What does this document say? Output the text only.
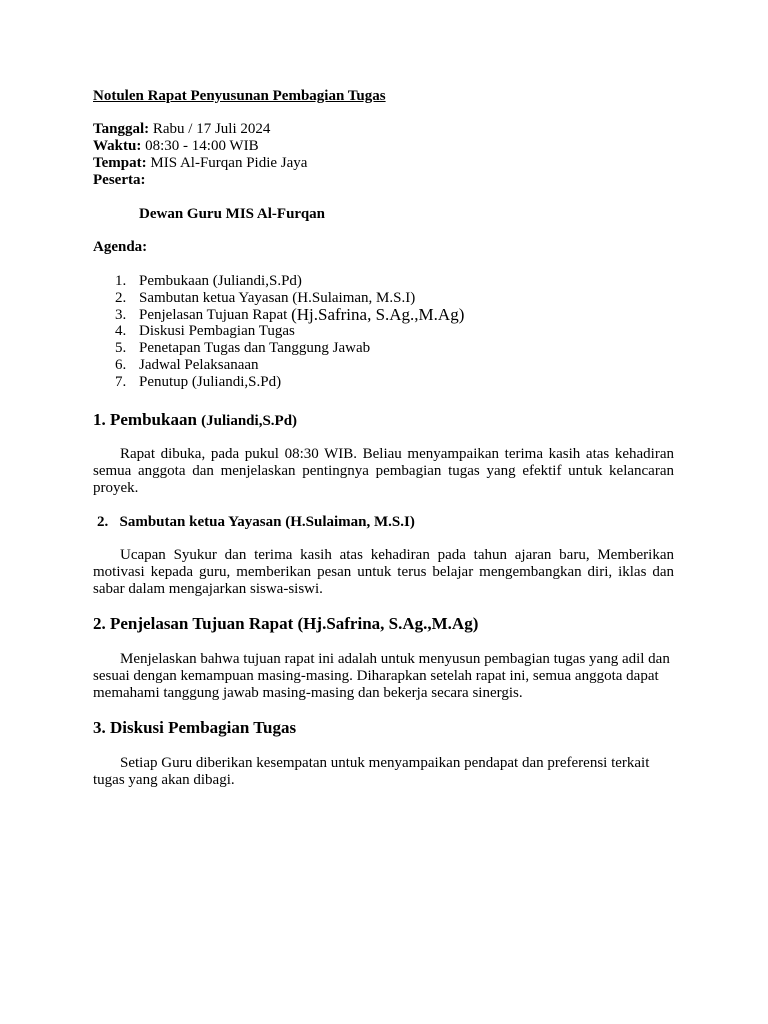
Notulen Rapat Penyusunan Pembagian Tugas
Tanggal: Rabu / 17 Juli 2024
Waktu: 08:30 - 14:00 WIB
Tempat: MIS Al-Furqan Pidie Jaya
Peserta:
Dewan Guru MIS Al-Furqan
Agenda:
1. Pembukaan (Juliandi,S.Pd)
2. Sambutan ketua Yayasan (H.Sulaiman, M.S.I)
3. Penjelasan Tujuan Rapat (Hj.Safrina, S.Ag.,M.Ag)
4. Diskusi Pembagian Tugas
5. Penetapan Tugas dan Tanggung Jawab
6. Jadwal Pelaksanaan
7. Penutup (Juliandi,S.Pd)
1. Pembukaan (Juliandi,S.Pd)

Rapat dibuka, pada pukul 08:30 WIB. Beliau menyampaikan terima kasih atas kehadiran semua anggota dan menjelaskan pentingnya pembagian tugas yang efektif untuk kelancaran proyek.

2.   Sambutan ketua Yayasan (H.Sulaiman, M.S.I)

Ucapan Syukur dan terima kasih atas kehadiran pada tahun ajaran baru, Memberikan motivasi kepada guru, memberikan pesan untuk terus belajar mengembangkan diri, iklas dan sabar dalam mengajarkan siswa-siswi.

2. Penjelasan Tujuan Rapat (Hj.Safrina, S.Ag.,M.Ag)

Menjelaskan bahwa tujuan rapat ini adalah untuk menyusun pembagian tugas yang adil dan sesuai dengan kemampuan masing-masing. Diharapkan setelah rapat ini, semua anggota dapat memahami tanggung jawab masing-masing dan bekerja secara sinergis.

3. Diskusi Pembagian Tugas

Setiap Guru diberikan kesempatan untuk menyampaikan pendapat dan preferensi terkait tugas yang akan dibagi.
